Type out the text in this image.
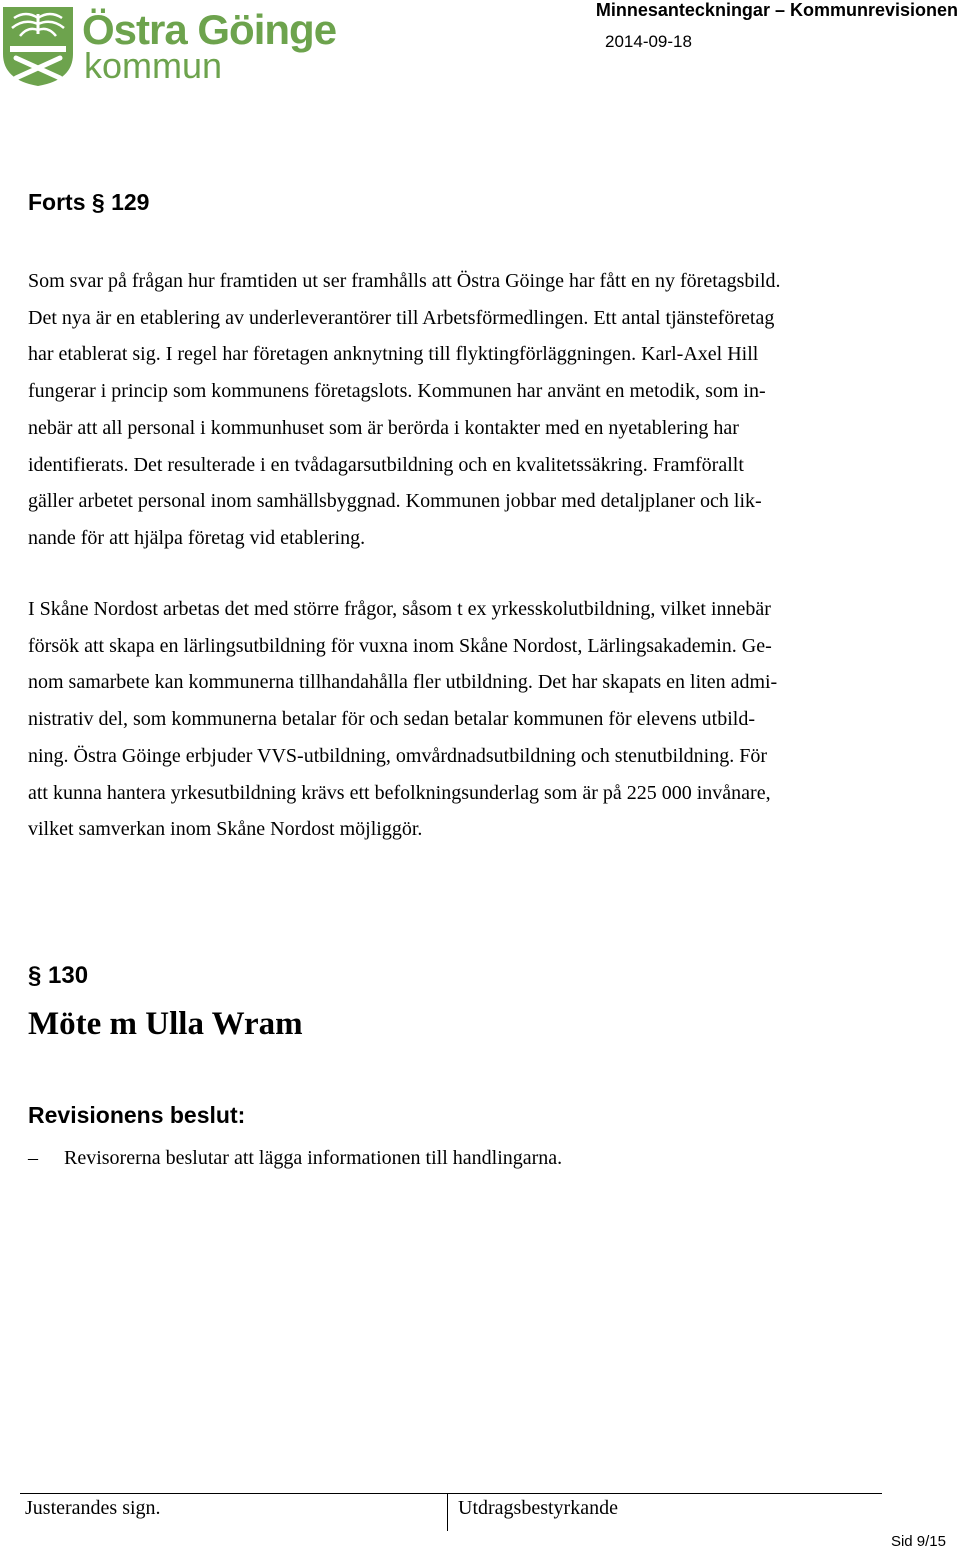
Östra Göinge
kommun
Minnesanteckningar – Kommunrevisionen
2014-09-18
Forts § 129
Som svar på frågan hur framtiden ut ser framhålls att Östra Göinge har fått en ny företagsbild.
Det nya är en etablering av underleverantörer till Arbetsförmedlingen. Ett antal tjänsteföretag
har etablerat sig. I regel har företagen anknytning till flyktingförläggningen. Karl-Axel Hill
fungerar i princip som kommunens företagslots. Kommunen har använt en metodik, som in-
nebär att all personal i kommunhuset som är berörda i kontakter med en nyetablering har
identifierats. Det resulterade i en tvådagarsutbildning och en kvalitetssäkring. Framförallt
gäller arbetet personal inom samhällsbyggnad. Kommunen jobbar med detaljplaner och lik-
nande för att hjälpa företag vid etablering.
I Skåne Nordost arbetas det med större frågor, såsom t ex yrkesskolutbildning, vilket innebär
försök att skapa en lärlingsutbildning för vuxna inom Skåne Nordost, Lärlingsakademin. Ge-
nom samarbete kan kommunerna tillhandahålla fler utbildning. Det har skapats en liten admi-
nistrativ del, som kommunerna betalar för och sedan betalar kommunen för elevens utbild-
ning. Östra Göinge erbjuder VVS-utbildning, omvårdnadsutbildning och stenutbildning. För
att kunna hantera yrkesutbildning krävs ett befolkningsunderlag som är på 225 000 invånare,
vilket samverkan inom Skåne Nordost möjliggör.
§ 130
Möte m Ulla Wram
Revisionens beslut:
– Revisorerna beslutar att lägga informationen till handlingarna.
Justerandes sign.	Utdragsbestyrkande
Sid 9/15
